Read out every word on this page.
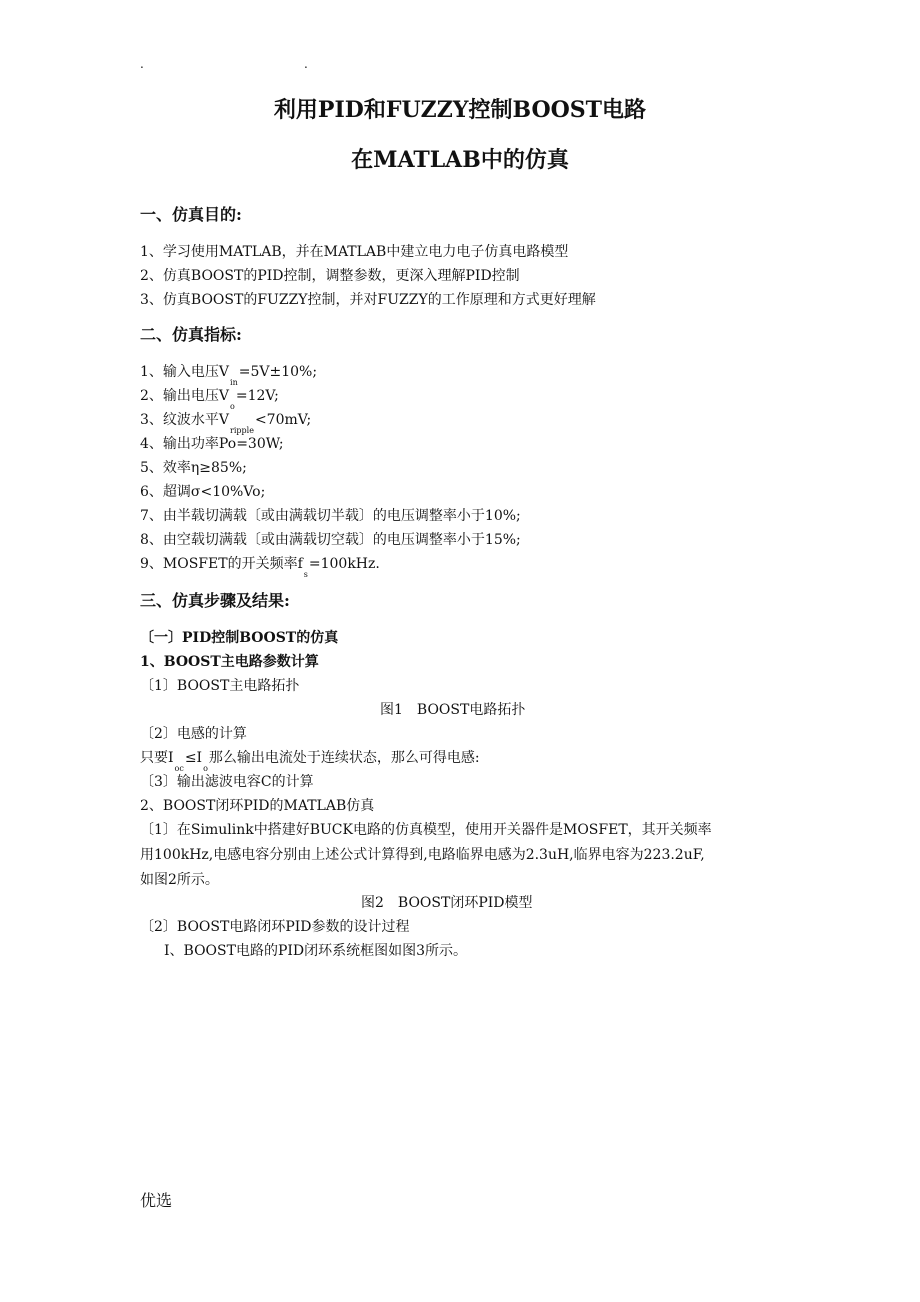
.	.
利用PID和FUZZY控制BOOST电路
在MATLAB中的仿真
一、仿真目的:
1、学习使用MATLAB，并在MATLAB中建立电力电子仿真电路模型
2、仿真BOOST的PID控制，调整参数，更深入理解PID控制
3、仿真BOOST的FUZZY控制，并对FUZZY的工作原理和方式更好理解
二、仿真指标:
1、输入电压$V_{in}=5V\pm 10\%$;
2、输出电压$V_o=12V$;
3、纹波水平$V_{ripple}<70mV$;
4、输出功率Po=30W;
5、效率η≥85%;
6、超调σ<10%Vo;
7、由半载切满载〔或由满载切半载〕的电压调整率小于10%;
8、由空载切满载〔或由满载切空载〕的电压调整率小于15%;
9、MOSFET的开关频率$f_s=100kHz$.
三、仿真步骤及结果:
〔一〕PID控制BOOST的仿真
1、BOOST主电路参数计算
〔1〕BOOST主电路拓扑
图1　BOOST电路拓扑
〔2〕电感的计算
只要$I_{oc}\le I_o$那么输出电流处于连续状态，那么可得电感:
〔3〕输出滤波电容C的计算
2、BOOST闭环PID的MATLAB仿真
〔1〕在Simulink中搭建好BUCK电路的仿真模型，使用开关器件是MOSFET，其开关频率
用100kHz,电感电容分别由上述公式计算得到,电路临界电感为2.3uH,临界电容为223.2uF,
如图2所示。
图2　BOOST闭环PID模型
〔2〕BOOST电路闭环PID参数的设计过程
I、BOOST电路的PID闭环系统框图如图3所示。
优选
